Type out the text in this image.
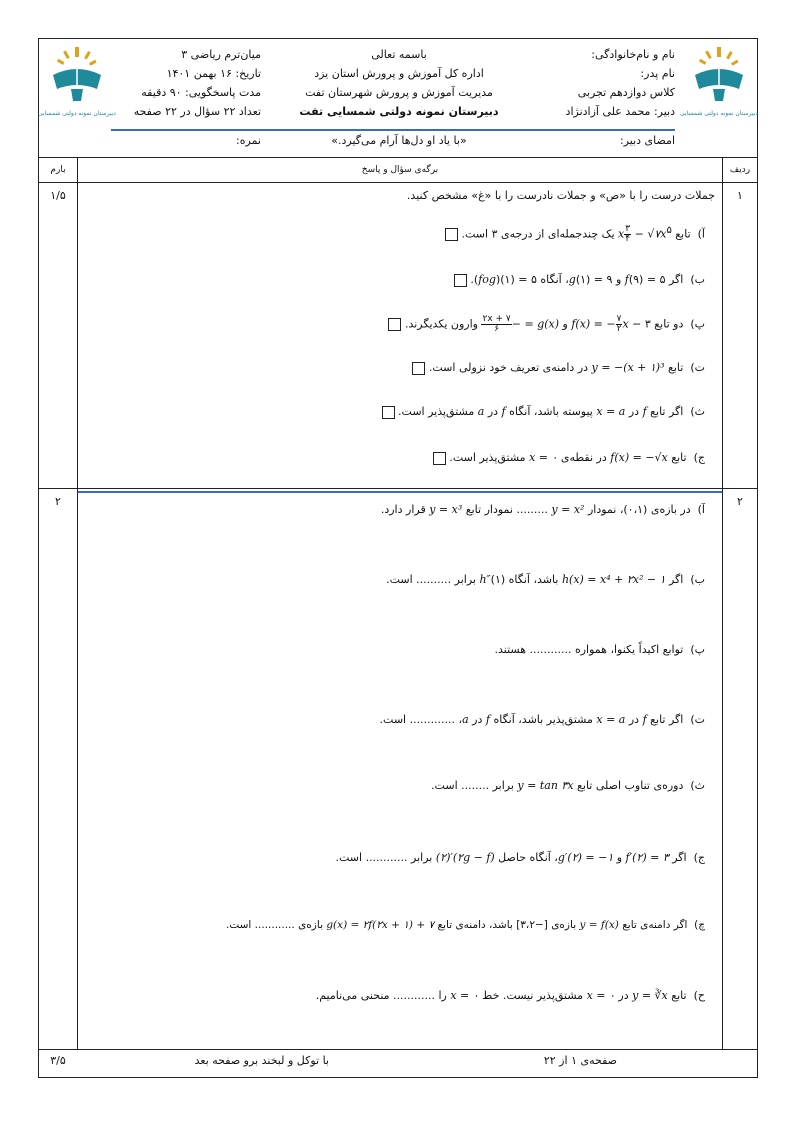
دبیرستان نمونه دولتی شمسایی
دبیرستان نمونه دولتی شمسایی
نام و نام‌خانوادگی:
نام پدر:
کلاس دوازدهم تجربی
دبیر: محمد علی آزادنژاد
باسمه تعالی
اداره کل آموزش و پرورش استان یزد
مدیریت آموزش و پرورش شهرستان تفت
دبیرستان نمونه دولتی شمسایی تفت
میان‌ترم ریاضی ۳
تاریخ: ۱۶ بهمن ۱۴۰۱
مدت پاسخگویی: ۹۰ دقیقه
تعداد ۲۲ سؤال در ۲۲ صفحه
امضای دبیر:
«با یاد او دل‌ها آرام می‌گیرد.»
نمره:
ردیف
برگه‌ی سؤال و پاسخ
بارم
۱
۱/۵	جملات درست را با «ص» و جملات نادرست را با «غ» مشخص کنید.
آ)  تابع x $\frac{۳}{۴}$ − $√۷x^۵$ یک چندجمله‌ای از درجه‌ی ۳ است.
ب)  اگر ۵ = f(۹) و ۹ = g(۱)، آنگاه ۵ = (۱)(fog).
پ)  دو تابع f(x) = − $\frac{۷}{۲}$ x − ۳ و g(x) = −
$\frac{۲x + ۷}{۶}$
وارون یکدیگرند.
ت)  تابع y = −(x + ۱)³ در دامنه‌ی تعریف خود نزولی است.
ث)  اگر تابع f در x = a پیوسته باشد، آنگاه f در a مشتق‌پذیر است.
ج)  تابع f(x) = −√x در نقطه‌ی x = ۰ مشتق‌پذیر است.
۲
۲
آ)  در بازه‌ی (۰،۱)، نمودار y = x² ......... نمودار تابع y = x³ قرار دارد.
ب)  اگر h(x) = x⁴ + ۲x² − ۱ باشد، آنگاه h″(۱) برابر .......... است.
پ)  توابع اکیداً یکنوا، همواره ............ هستند.
ت)  اگر تابع f در x = a مشتق‌پذیر باشد، آنگاه f در a، ............. است.
ث)  دوره‌ی تناوب اصلی تابع y = tan ۳x برابر ........ است.
ج)  اگر f′(۲) = ۳ و g′(۲) = −۱، آنگاه حاصل (۲g − f)′(۲) برابر ............ است.
چ)  اگر دامنه‌ی تابع y = f(x) بازه‌ی [−۳،۲] باشد، دامنه‌ی تابع g(x) = ۲f(۲x + ۱) + ۷ بازه‌ی ............ است.
ح)  تابع y = ∛x در x = ۰ مشتق‌پذیر نیست. خط x = ۰ را ............ منحنی می‌نامیم.
صفحه‌ی ۱ از ۲۲
با توکل و لبخند برو صفحه بعد
۳/۵
